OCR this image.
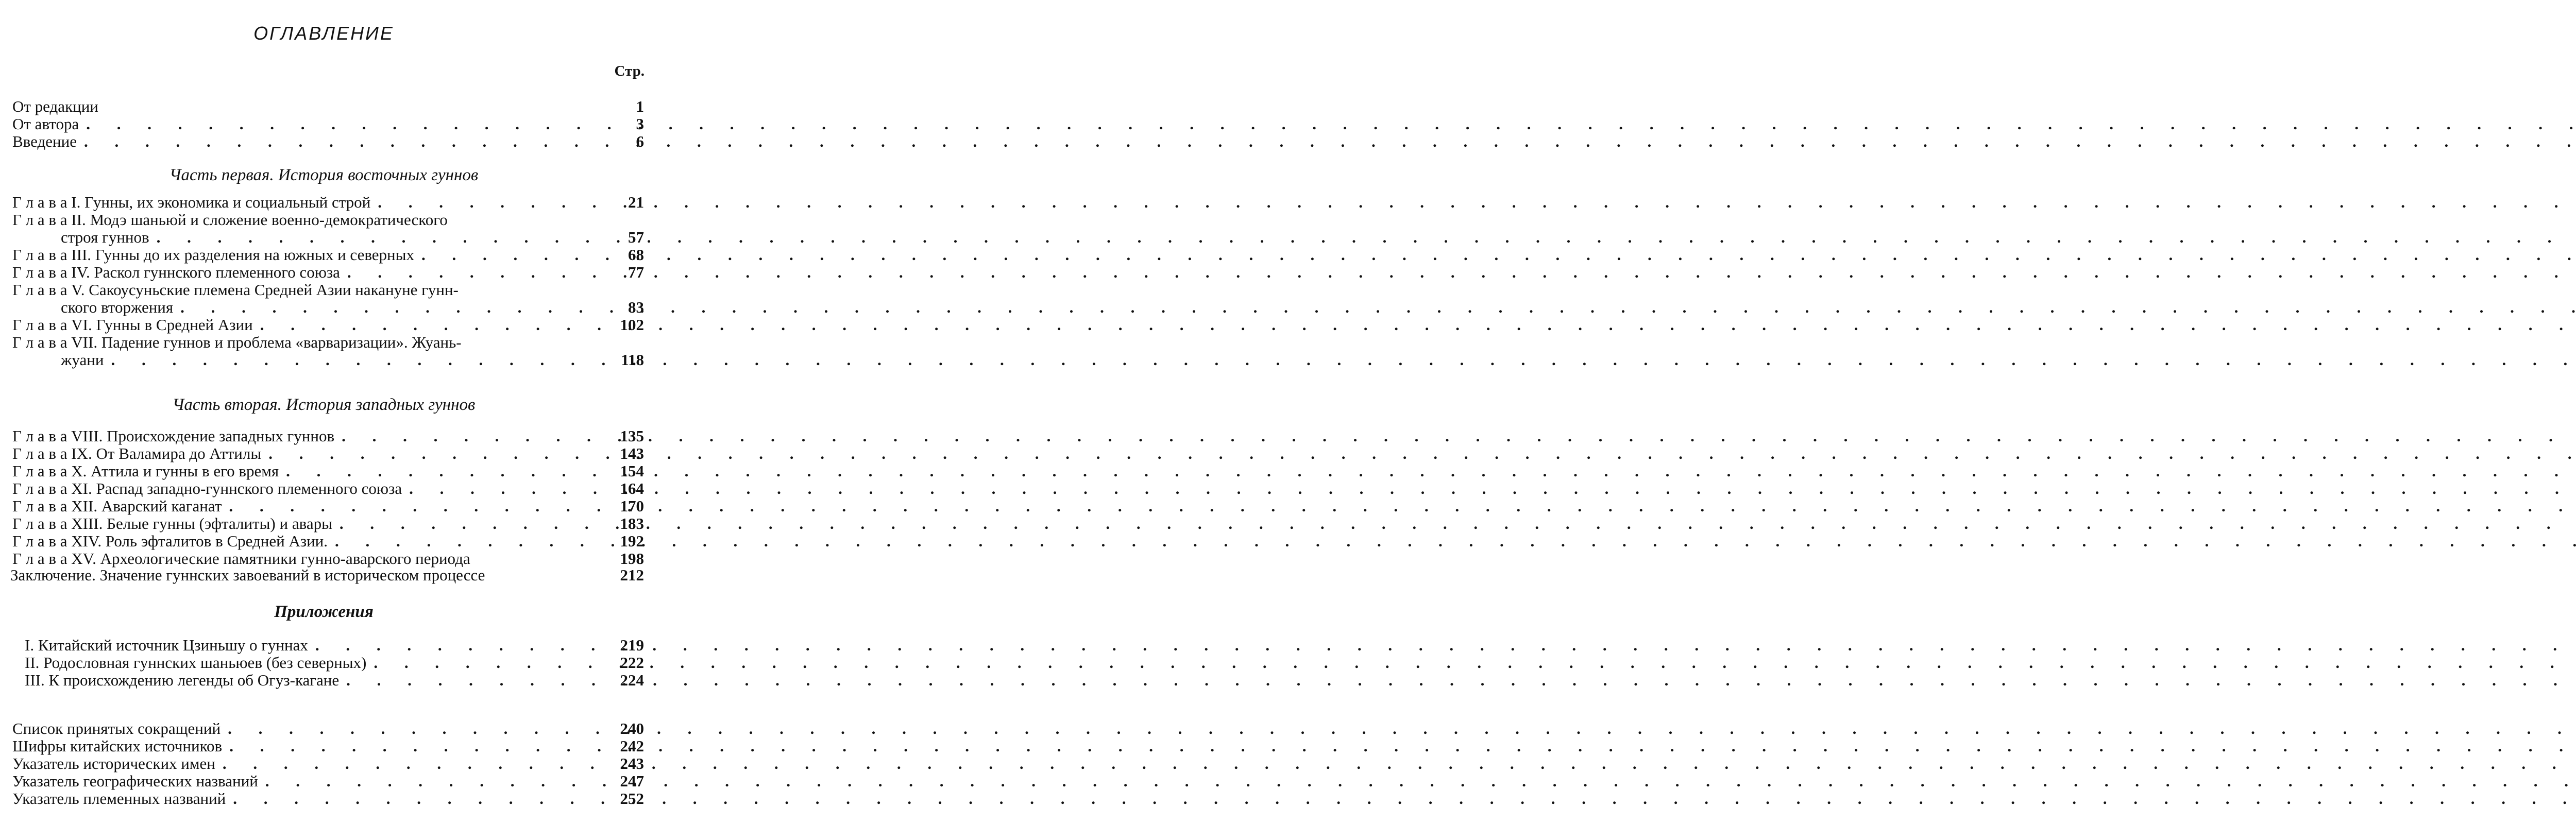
ОГЛАВЛЕНИЕ
Стр.
От редакции	1
От автора . . .	3
Введение . . .	6
Часть первая. История восточных гуннов
Г л а в а I. Гунны, их экономика и социальный строй . . .	21
Г л а в а II. Модэ шаньюй и сложение военно-демократического
строя гуннов . . .	57
Г л а в а III. Гунны до их разделения на южных и северных . . .	68
Г л а в а IV. Раскол гуннского племенного союза . . .	77
Г л а в а V. Сакоусуньские племена Средней Азии накануне гунн-
ского вторжения . . .	83
Г л а в а VI. Гунны в Средней Азии . . .	102
Г л а в а VII. Падение гуннов и проблема «варваризации». Жуань-
жуани . . .	118
Часть вторая. История западных гуннов
Г л а в а VIII. Происхождение западных гуннов . . .	135
Г л а в а IX. От Валамира до Аттилы . . .	143
Г л а в а X. Аттила и гунны в его время . . .	154
Г л а в а XI. Распад западно-гуннского племенного союза . . .	164
Г л а в а XII. Аварский каганат . . .	170
Г л а в а XIII. Белые гунны (эфталиты) и авары . . .	183
Г л а в а XIV. Роль эфталитов в Средней Азии. . . .	192
Г л а в а XV. Археологические памятники гунно-аварского периода	198
Заключение. Значение гуннских завоеваний в историческом процессе	212
Приложения
I. Китайский источник Цзиньшу о гуннах . . .	219
II. Родословная гуннских шаньюев (без северных) . . .	222
III. К происхождению легенды об Огуз-кагане . . .	224
Список принятых сокращений . . .	240
Шифры китайских источников . . .	242
Указатель исторических имен . . .	243
Указатель географических названий . . .	247
Указатель племенных названий . . .	252
